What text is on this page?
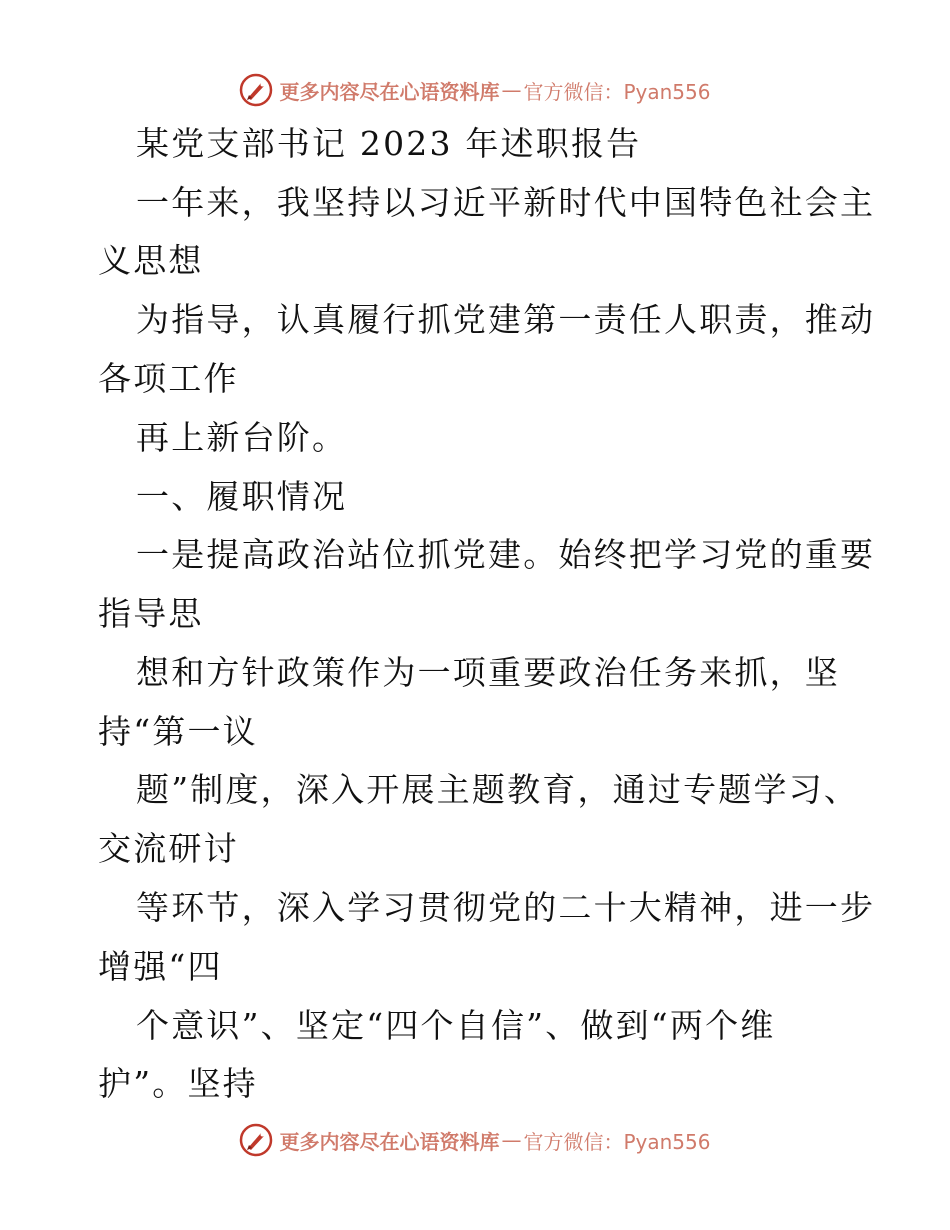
更多内容尽在心语资料库 — 官方微信：Pyan556
某党支部书记 2023 年述职报告
一年来，我坚持以习近平新时代中国特色社会主
义思想
为指导，认真履行抓党建第一责任人职责，推动
各项工作
再上新台阶。
一、履职情况
一是提高政治站位抓党建。始终把学习党的重要
指导思
想和方针政策作为一项重要政治任务来抓，坚
持“第一议
题”制度，深入开展主题教育，通过专题学习、
交流研讨
等环节，深入学习贯彻党的二十大精神，进一步
增强“四
个意识”、坚定“四个自信”、做到“两个维
护”。坚持
更多内容尽在心语资料库 — 官方微信：Pyan556
